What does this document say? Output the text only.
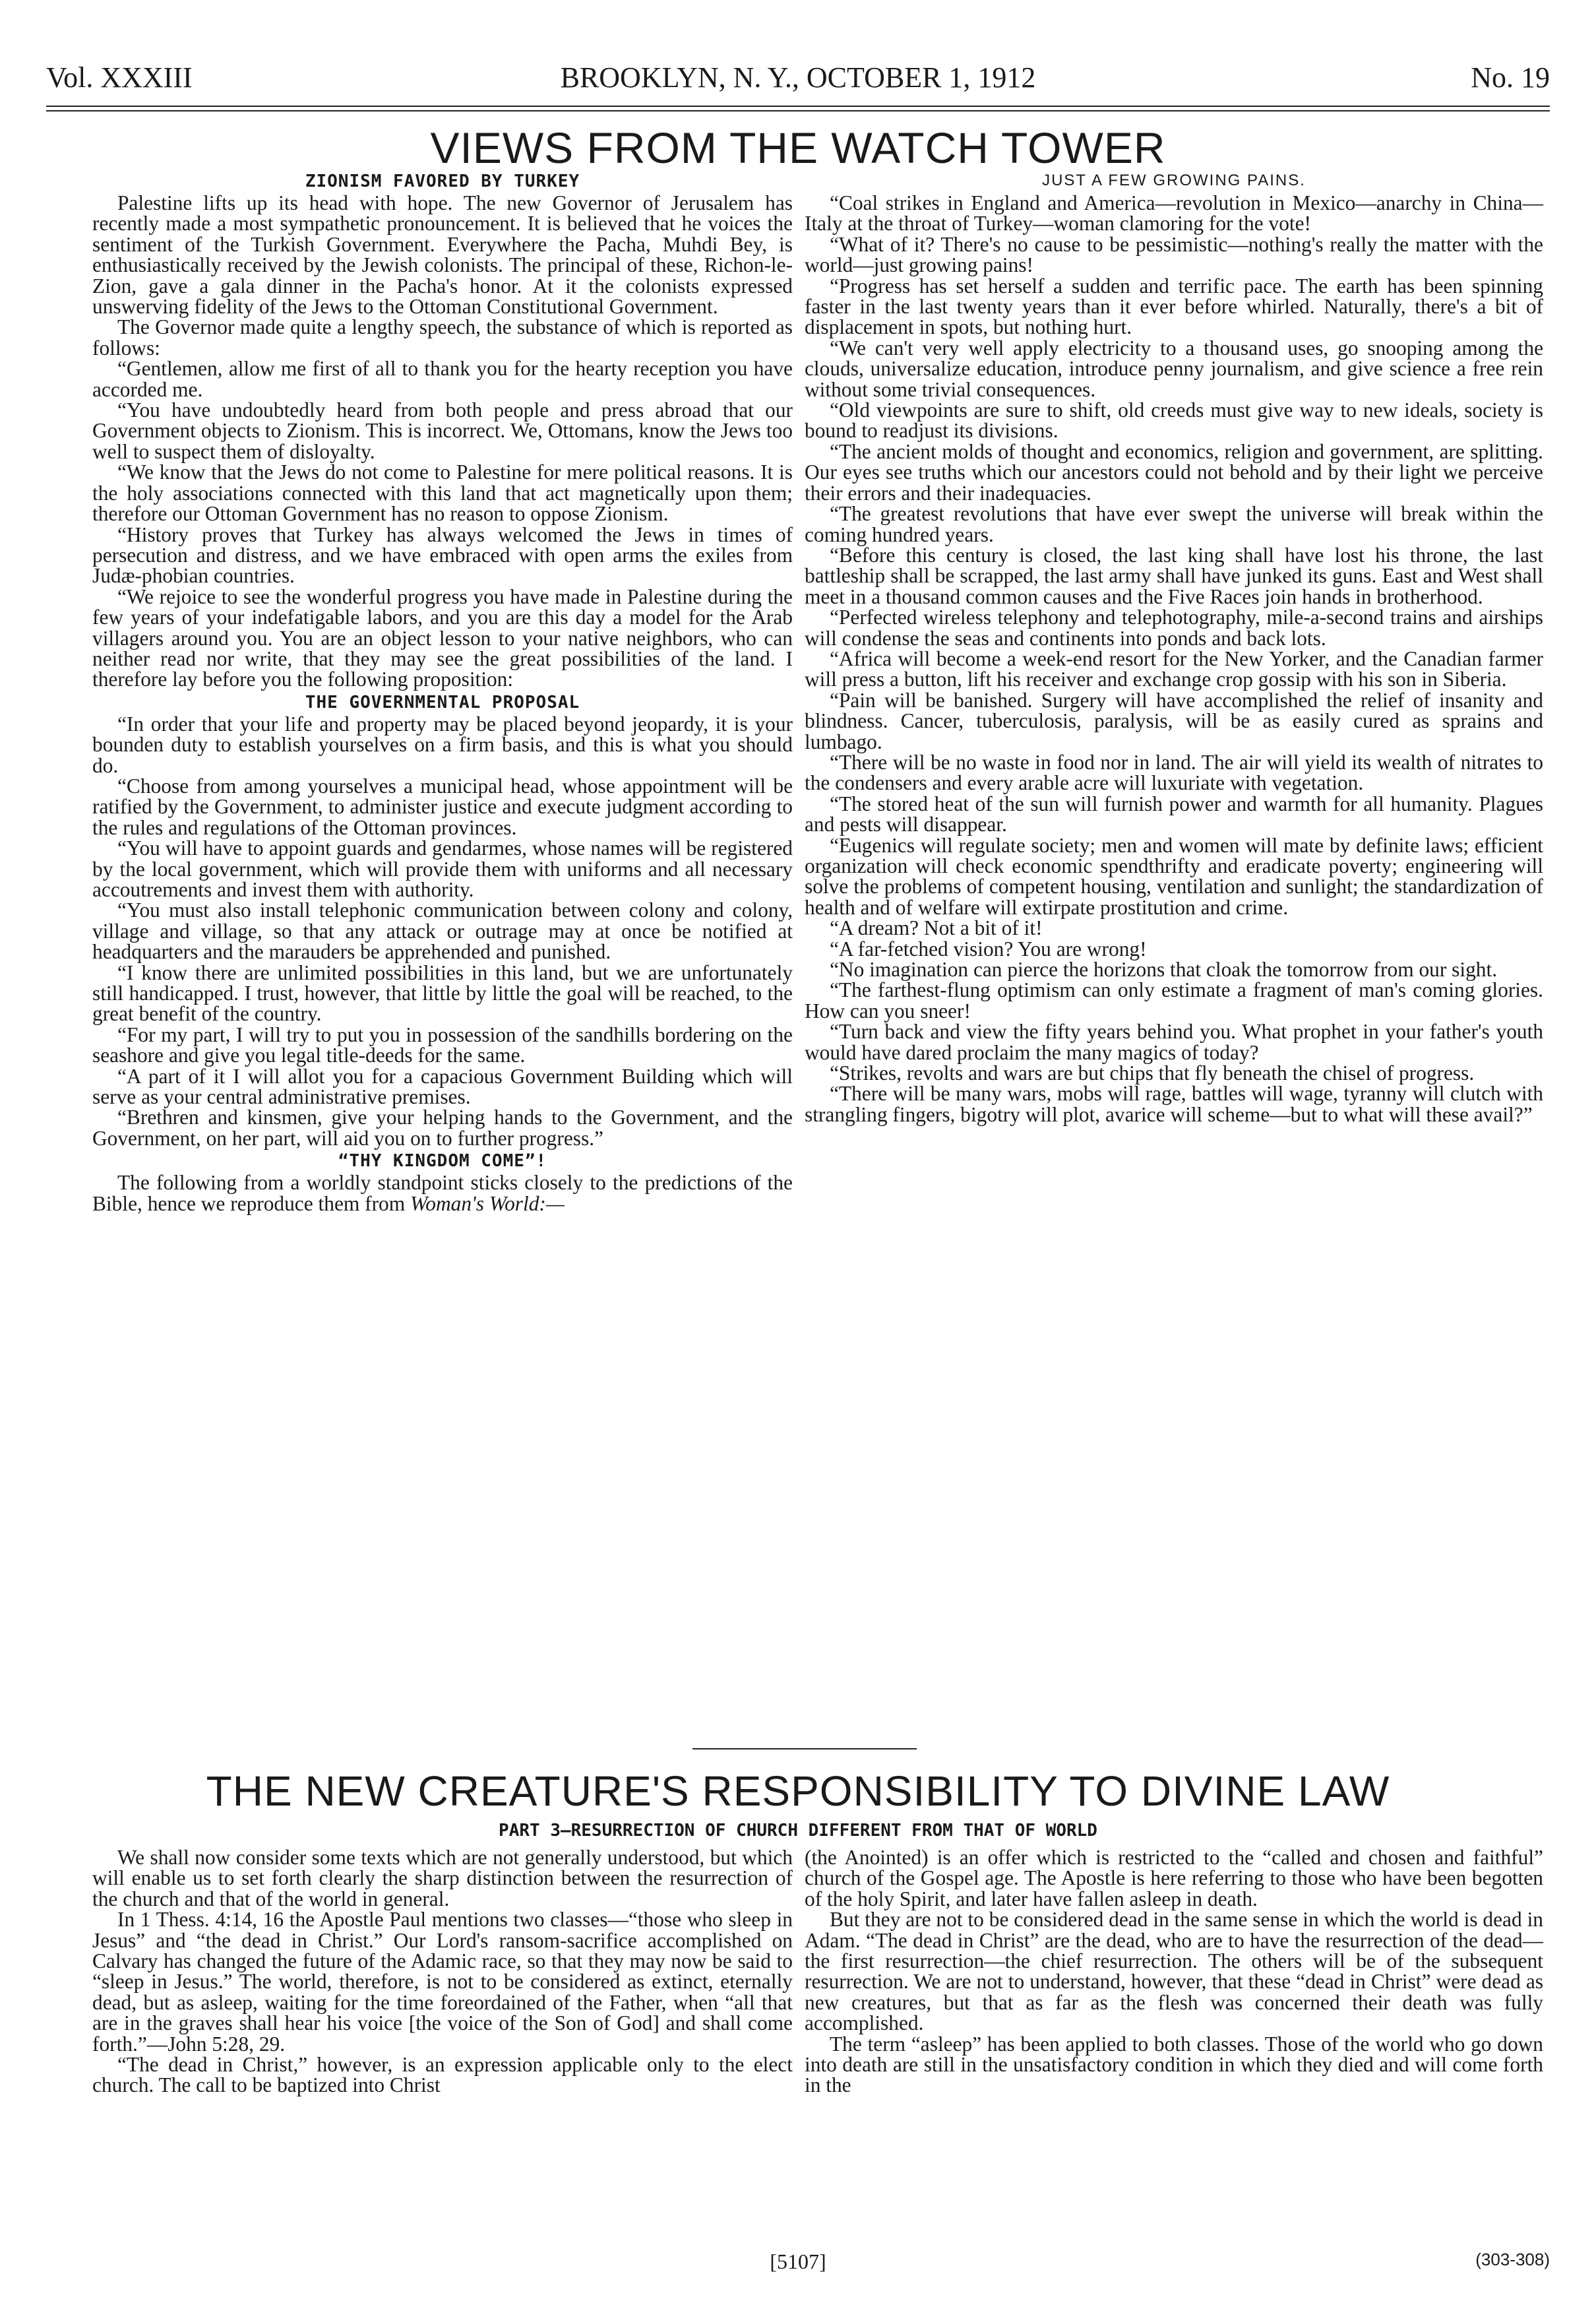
Vol. XXXIII	BROOKLYN, N. Y., OCTOBER 1, 1912	No. 19
VIEWS FROM THE WATCH TOWER

ZIONISM FAVORED BY TURKEY

Palestine lifts up its head with hope. The new Governor of Jerusalem has recently made a most sympathetic pronouncement. It is believed that he voices the sentiment of the Turkish Government. Everywhere the Pacha, Muhdi Bey, is enthusiastically received by the Jewish colonists. The principal of these, Richon-le-Zion, gave a gala dinner in the Pacha's honor. At it the colonists expressed unswerving fidelity of the Jews to the Ottoman Constitutional Government.

The Governor made quite a lengthy speech, the substance of which is reported as follows:

“Gentlemen, allow me first of all to thank you for the hearty reception you have accorded me.

“You have undoubtedly heard from both people and press abroad that our Government objects to Zionism. This is incorrect. We, Ottomans, know the Jews too well to suspect them of disloyalty.

“We know that the Jews do not come to Palestine for mere political reasons. It is the holy associations connected with this land that act magnetically upon them; therefore our Ottoman Government has no reason to oppose Zionism.

“History proves that Turkey has always welcomed the Jews in times of persecution and distress, and we have embraced with open arms the exiles from Judæ-phobian countries.

“We rejoice to see the wonderful progress you have made in Palestine during the few years of your indefatigable labors, and you are this day a model for the Arab villagers around you. You are an object lesson to your native neighbors, who can neither read nor write, that they may see the great possibilities of the land. I therefore lay before you the following proposition:

THE GOVERNMENTAL PROPOSAL

“In order that your life and property may be placed beyond jeopardy, it is your bounden duty to establish yourselves on a firm basis, and this is what you should do.

“Choose from among yourselves a municipal head, whose appointment will be ratified by the Government, to administer justice and execute judgment according to the rules and regulations of the Ottoman provinces.

“You will have to appoint guards and gendarmes, whose names will be registered by the local government, which will provide them with uniforms and all necessary accoutrements and invest them with authority.

“You must also install telephonic communication between colony and colony, village and village, so that any attack or outrage may at once be notified at headquarters and the marauders be apprehended and punished.

“I know there are unlimited possibilities in this land, but we are unfortunately still handicapped. I trust, however, that little by little the goal will be reached, to the great benefit of the country.

“For my part, I will try to put you in possession of the sandhills bordering on the seashore and give you legal title-deeds for the same.

“A part of it I will allot you for a capacious Government Building which will serve as your central administrative premises.

“Brethren and kinsmen, give your helping hands to the Government, and the Government, on her part, will aid you on to further progress.”

“THY KINGDOM COME”!

The following from a worldly standpoint sticks closely to the predictions of the Bible, hence we reproduce them from Woman's World:—

JUST A FEW GROWING PAINS.

“Coal strikes in England and America—revolution in Mexico—anarchy in China—Italy at the throat of Turkey—woman clamoring for the vote!

“What of it? There's no cause to be pessimistic—nothing's really the matter with the world—just growing pains!

“Progress has set herself a sudden and terrific pace. The earth has been spinning faster in the last twenty years than it ever before whirled. Naturally, there's a bit of displacement in spots, but nothing hurt.

“We can't very well apply electricity to a thousand uses, go snooping among the clouds, universalize education, introduce penny journalism, and give science a free rein without some trivial consequences.

“Old viewpoints are sure to shift, old creeds must give way to new ideals, society is bound to readjust its divisions.

“The ancient molds of thought and economics, religion and government, are splitting. Our eyes see truths which our ancestors could not behold and by their light we perceive their errors and their inadequacies.

“The greatest revolutions that have ever swept the universe will break within the coming hundred years.

“Before this century is closed, the last king shall have lost his throne, the last battleship shall be scrapped, the last army shall have junked its guns. East and West shall meet in a thousand common causes and the Five Races join hands in brotherhood.

“Perfected wireless telephony and telephotography, mile-a-second trains and airships will condense the seas and continents into ponds and back lots.

“Africa will become a week-end resort for the New Yorker, and the Canadian farmer will press a button, lift his receiver and exchange crop gossip with his son in Siberia.

“Pain will be banished. Surgery will have accomplished the relief of insanity and blindness. Cancer, tuberculosis, paralysis, will be as easily cured as sprains and lumbago.

“There will be no waste in food nor in land. The air will yield its wealth of nitrates to the condensers and every arable acre will luxuriate with vegetation.

“The stored heat of the sun will furnish power and warmth for all humanity. Plagues and pests will disappear.

“Eugenics will regulate society; men and women will mate by definite laws; efficient organization will check economic spendthrifty and eradicate poverty; engineering will solve the problems of competent housing, ventilation and sunlight; the standardization of health and of welfare will extirpate prostitution and crime.

“A dream? Not a bit of it!

“A far-fetched vision? You are wrong!

“No imagination can pierce the horizons that cloak the tomorrow from our sight.

“The farthest-flung optimism can only estimate a fragment of man's coming glories. How can you sneer!

“Turn back and view the fifty years behind you. What prophet in your father's youth would have dared proclaim the many magics of today?

“Strikes, revolts and wars are but chips that fly beneath the chisel of progress.

“There will be many wars, mobs will rage, battles will wage, tyranny will clutch with strangling fingers, bigotry will plot, avarice will scheme—but to what will these avail?”

THE NEW CREATURE'S RESPONSIBILITY TO DIVINE LAW
PART 3—RESURRECTION OF CHURCH DIFFERENT FROM THAT OF WORLD

We shall now consider some texts which are not generally understood, but which will enable us to set forth clearly the sharp distinction between the resurrection of the church and that of the world in general.

In 1 Thess. 4:14, 16 the Apostle Paul mentions two classes—“those who sleep in Jesus” and “the dead in Christ.” Our Lord's ransom-sacrifice accomplished on Calvary has changed the future of the Adamic race, so that they may now be said to “sleep in Jesus.” The world, therefore, is not to be considered as extinct, eternally dead, but as asleep, waiting for the time foreordained of the Father, when “all that are in the graves shall hear his voice [the voice of the Son of God] and shall come forth.”—John 5:28, 29.

“The dead in Christ,” however, is an expression applicable only to the elect church. The call to be baptized into Christ

(the Anointed) is an offer which is restricted to the “called and chosen and faithful” church of the Gospel age. The Apostle is here referring to those who have been begotten of the holy Spirit, and later have fallen asleep in death.

But they are not to be considered dead in the same sense in which the world is dead in Adam. “The dead in Christ” are the dead, who are to have the resurrection of the dead—the first resurrection—the chief resurrection. The others will be of the subsequent resurrection. We are not to understand, however, that these “dead in Christ” were dead as new creatures, but that as far as the flesh was concerned their death was fully accomplished.

The term “asleep” has been applied to both classes. Those of the world who go down into death are still in the unsatisfactory condition in which they died and will come forth in the

[5107]	(303-308)
